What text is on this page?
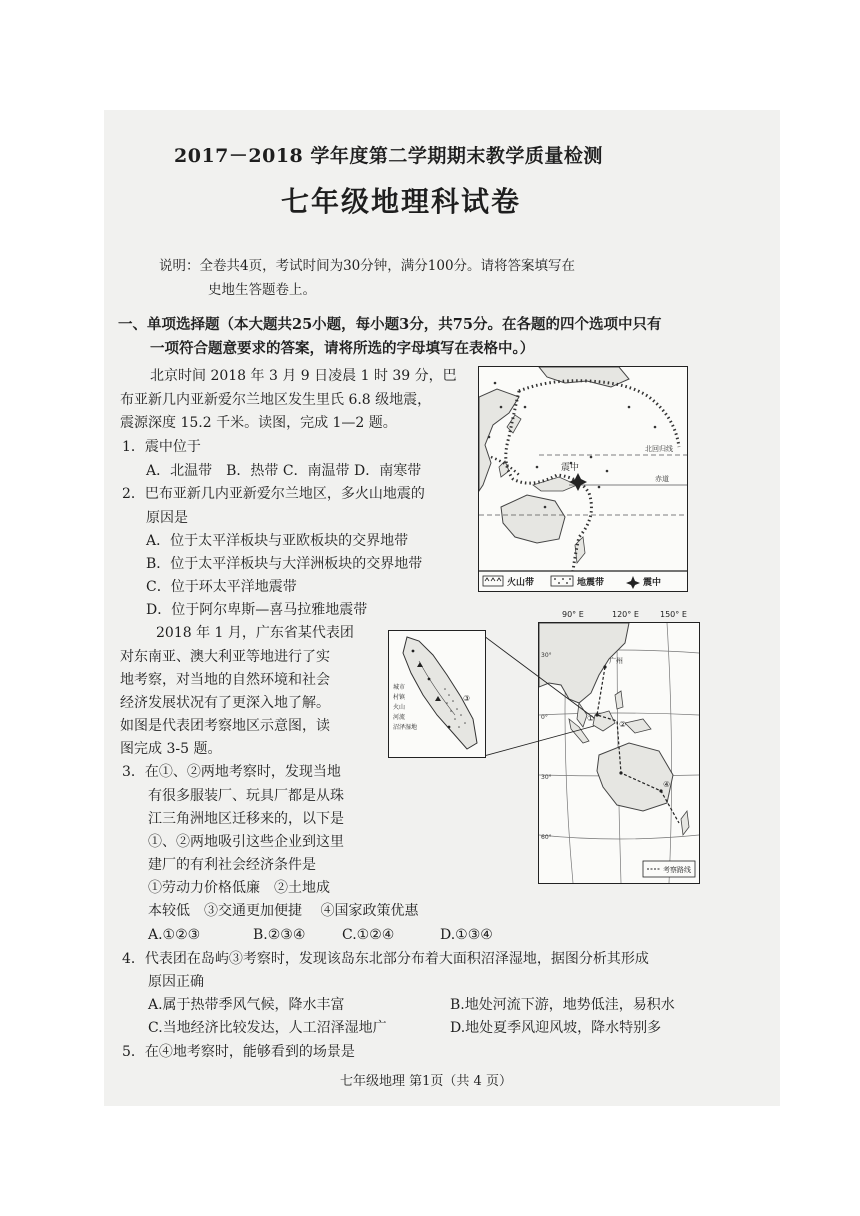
2017－2018 学年度第二学期期末教学质量检测
七年级地理科试卷
说明：全卷共4页，考试时间为30分钟，满分100分。请将答案填写在
史地生答题卷上。
一、单项选择题（本大题共25小题，每小题3分，共75分。在各题的四个选项中只有
一项符合题意要求的答案，请将所选的字母填写在表格中。）
北京时间 2018 年 3 月 9 日凌晨 1 时 39 分，巴
布亚新几内亚新爱尔兰地区发生里氏 6.8 级地震，
震源深度 15.2 千米。读图，完成 1—2 题。
1．震中位于
A．北温带　B．热带 C．南温带 D．南寒带
2．巴布亚新几内亚新爱尔兰地区，多火山地震的
原因是
A．位于太平洋板块与亚欧板块的交界地带
B．位于太平洋板块与大洋洲板块的交界地带
C．位于环太平洋地震带
D．位于阿尔卑斯—喜马拉雅地震带
2018 年 1 月，广东省某代表团
对东南亚、澳大利亚等地进行了实
地考察，对当地的自然环境和社会
经济发展状况有了更深入地了解。
如图是代表团考察地区示意图，读
图完成 3-5 题。
3．在①、②两地考察时，发现当地
有很多服装厂、玩具厂都是从珠
江三角洲地区迁移来的，以下是
①、②两地吸引这些企业到这里
建厂的有利社会经济条件是
①劳动力价格低廉　②土地成
本较低　③交通更加便捷　 ④国家政策优惠
A.①②③	B.②③④	C.①②④	D.①③④
4．代表团在岛屿③考察时，发现该岛东北部分布着大面积沼泽湿地，据图分析其形成
原因正确
A.属于热带季风气候，降水丰富	B.地处河流下游，地势低洼，易积水
C.当地经济比较发达，人工沼泽湿地广	D.地处夏季风迎风坡，降水特别多
5．在④地考察时，能够看到的场景是
七年级地理 第1页（共 4 页）
北回归线
赤道
震中
火山带	地震带	震中
广州
①
②
④
30°
0°
30°
60°
考察路线
90° E	120° E	150° E
城市
村镇
火山
河流
沼泽湿地
③
